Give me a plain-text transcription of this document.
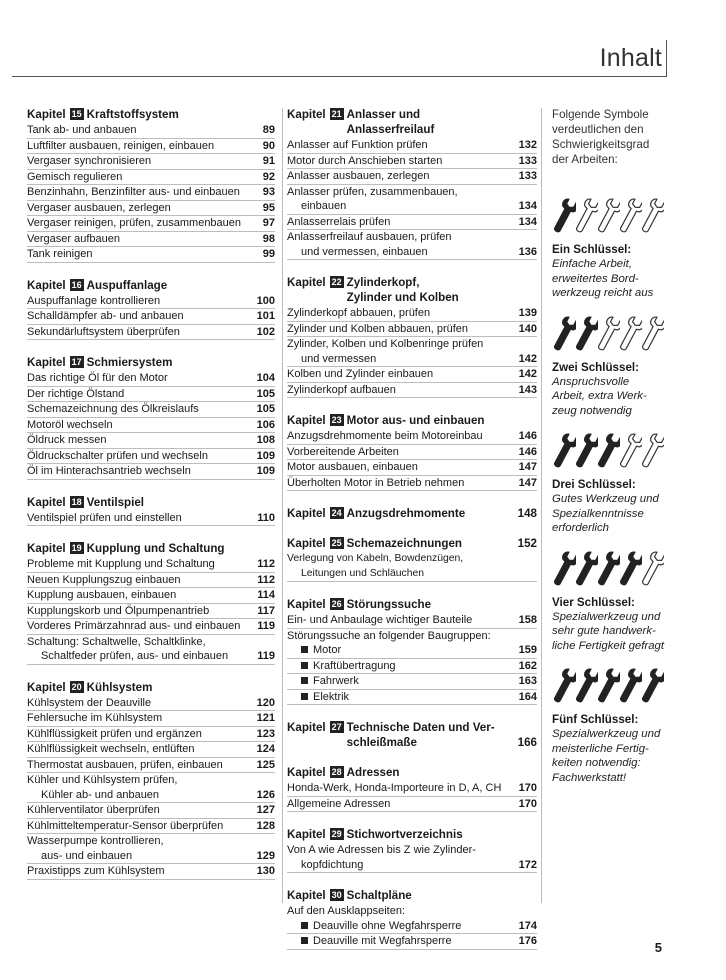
Inhalt
Kapitel 15 Kraftstoffsystem
Tank ab- und anbauen	89
Luftfilter ausbauen, reinigen, einbauen	90
Vergaser synchronisieren	91
Gemisch regulieren	92
Benzinhahn, Benzinfilter aus- und einbauen	93
Vergaser ausbauen, zerlegen	95
Vergaser reinigen, prüfen, zusammenbauen	97
Vergaser aufbauen	98
Tank reinigen	99
Kapitel 16 Auspuffanlage
Auspuffanlage kontrollieren	100
Schalldämpfer ab- und anbauen	101
Sekundärluftsystem überprüfen	102
Kapitel 17 Schmiersystem
Das richtige Öl für den Motor	104
Der richtige Ölstand	105
Schemazeichnung des Ölkreislaufs	105
Motoröl wechseln	106
Öldruck messen	108
Öldruckschalter prüfen und wechseln	109
Öl im Hinterachsantrieb wechseln	109
Kapitel 18 Ventilspiel
Ventilspiel prüfen und einstellen	110
Kapitel 19 Kupplung und Schaltung
Probleme mit Kupplung und Schaltung	112
Neuen Kupplungszug einbauen	112
Kupplung ausbauen, einbauen	114
Kupplungskorb und Ölpumpenantrieb	117
Vorderes Primärzahnrad aus- und einbauen	119
Schaltung: Schaltwelle, Schaltklinke,
Schaltfeder prüfen, aus- und einbauen	119
Kapitel 20 Kühlsystem
Kühlsystem der Deauville	120
Fehlersuche im Kühlsystem	121
Kühlflüssigkeit prüfen und ergänzen	123
Kühlflüssigkeit wechseln, entlüften	124
Thermostat ausbauen, prüfen, einbauen	125
Kühler und Kühlsystem prüfen,
Kühler ab- und anbauen	126
Kühlerventilator überprüfen	127
Kühlmitteltemperatur-Sensor überprüfen	128
Wasserpumpe kontrollieren,
aus- und einbauen	129
Praxistipps zum Kühlsystem	130
Kapitel 21 Anlasser und

Anlasserfreilauf
Anlasser auf Funktion prüfen	132
Motor durch Anschieben starten	133
Anlasser ausbauen, zerlegen	133
Anlasser prüfen, zusammenbauen,
einbauen	134
Anlasserrelais prüfen	134
Anlasserfreilauf ausbauen, prüfen
und vermessen, einbauen	136
Kapitel 22 Zylinderkopf,

Zylinder und Kolben
Zylinderkopf abbauen, prüfen	139
Zylinder und Kolben abbauen, prüfen	140
Zylinder, Kolben und Kolbenringe prüfen
und vermessen	142
Kolben und Zylinder einbauen	142
Zylinderkopf aufbauen	143
Kapitel 23 Motor aus- und einbauen
Anzugsdrehmomente beim Motoreinbau	146
Vorbereitende Arbeiten	146
Motor ausbauen, einbauen	147
Überholten Motor in Betrieb nehmen	147
Kapitel 24 Anzugsdrehmomente	148
Kapitel 25 Schemazeichnungen	152
Verlegung von Kabeln, Bowdenzügen,
Leitungen und Schläuchen
Kapitel 26 Störungssuche
Ein- und Anbaulage wichtiger Bauteile	158
Störungssuche an folgender Baugruppen:
Motor	159
Kraftübertragung	162
Fahrwerk	163
Elektrik	164
Kapitel 27 Technische Daten und Ver-

schleißmaße	166
Kapitel 28 Adressen
Honda-Werk, Honda-Importeure in D, A, CH	170
Allgemeine Adressen	170
Kapitel 29 Stichwortverzeichnis
Von A wie Adressen bis Z wie Zylinder-
kopfdichtung	172
Kapitel 30 Schaltpläne
Auf den Ausklappseiten:
Deauville ohne Wegfahrsperre	174
Deauville mit Wegfahrsperre	176
Folgende Symbole
verdeutlichen den
Schwierigkeitsgrad
der Arbeiten:
Ein Schlüssel:
Einfache Arbeit,
erweitertes Bord-
werkzeug reicht aus
Zwei Schlüssel:
Anspruchsvolle
Arbeit, extra Werk-
zeug notwendig
Drei Schlüssel:
Gutes Werkzeug und
Spezialkenntnisse
erforderlich
Vier Schlüssel:
Spezialwerkzeug und
sehr gute handwerk-
liche Fertigkeit gefragt
Fünf Schlüssel:
Spezialwerkzeug und
meisterliche Fertig-
keiten notwendig:
Fachwerkstatt!
5
